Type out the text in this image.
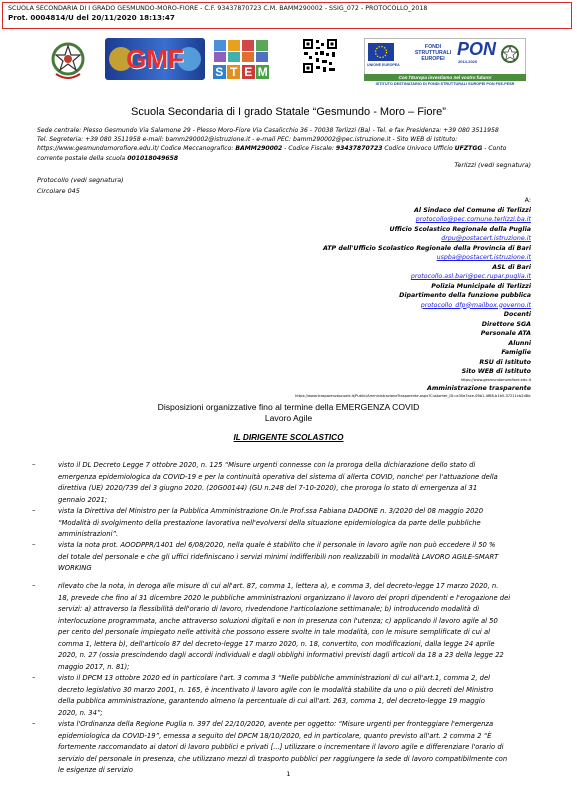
SCUOLA SECONDARIA DI I GRADO GESMUNDO-MORO-FIORE - C.F. 93437870723 C.M. BAMM290002 - SSIG_072 - PROTOCOLLO_2018
Prot. 0004814/U del 20/11/2020 18:13:47
GMF	S T E M	UNIONE EUROPEA
FONDI STRUTTURALI EUROPEI
PON
2014-2020
Con l'Europa investiamo nel vostro futuro!
ISTITUTO DESTINATARIO DI FONDI STRUTTURALI EUROPEI PON FSE-FESR
Scuola Secondaria di I grado Statale “Gesmundo - Moro – Fiore”
Sede centrale: Plesso Gesmundo Via Salamone 29 - Plesso Moro-Fiore Via Casalicchio 36 - 70038 Terlizzi (Ba) - Tel. e fax Presidenza: +39 080 3511958
Tel. Segreteria: +39 080 3511958 e-mail: bamm290002@istruzione.it - e-mail PEC: bamm290002@pec.istruzione.it - Sito WEB di Istituto:
https://www.gesmundomorofiore.edu.it/ Codice Meccanografico: BAMM290002 - Codice Fiscale: 93437870723 Codice Univoco Ufficio UFZTGG - Conto
corrente postale della scuola 001018049658
Terlizzi (vedi segnatura)
Protocollo (vedi segnatura)
Circolare 045
A:
Al Sindaco del Comune di Terlizzi
protocollo@pec.comune.terlizzi.ba.it
Ufficio Scolastico Regionale della Puglia
drpu@postacert.istruzione.it
ATP dell'Ufficio Scolastico Regionale della Provincia di Bari
uspba@postacert.istruzione.it
ASL di Bari
protocollo.asl.bari@pec.rupar.puglia.it
Polizia Municipale di Terlizzi
Dipartimento della funzione pubblica
protocollo_dfp@mailbox.governo.it
Docenti
Direttore SGA
Personale ATA
Alunni
Famiglie
RSU di Istituto
Sito WEB di Istituto
https://www.gesmundomorofiore.edu.it
Amministrazione trasparente
https://www.trasparenzascuole.it/Public/AmministrazioneTrasparente.aspx?Customer_ID=a30a7ace-06b1-4f68-b1b5-37211cb2d8ic
Disposizioni organizzative fino al termine della EMERGENZA COVID
Lavoro Agile
IL DIRIGENTE SCOLASTICO
–	visto il DL Decreto Legge 7 ottobre 2020, n. 125 “Misure urgenti connesse con la proroga della dichiarazione dello stato di
emergenza epidemiologica da COVID-19 e per la continuità operativa del sistema di allerta COVID, nonche' per l'attuazione della
direttiva (UE) 2020/739 del 3 giugno 2020. (20G00144) (GU n.248 del 7-10-2020), che proroga lo stato di emergenza al 31
gennaio 2021;
–	vista la Direttiva del Ministro per la Pubblica Amministrazione On.le Prof.ssa Fabiana DADONE n. 3/2020 del 08 maggio 2020
“Modalità di svolgimento della prestazione lavorativa nell'evolversi della situazione epidemiologica da parte delle pubbliche
amministrazioni”.
–	vista la nota prot. AOODPPR/1401 del 6/08/2020, nella quale è stabilito che il personale in lavoro agile non può eccedere il 50 %
del totale del personale e che gli uffici ridefiniscano i servizi minimi indifferibili non realizzabili in modalità LAVORO AGILE-SMART
WORKING
–	rilevato che la nota, in deroga alle misure di cui all'art. 87, comma 1, lettera a), e comma 3, del decreto-legge 17 marzo 2020, n.
18, prevede che fino al 31 dicembre 2020 le pubbliche amministrazioni organizzano il lavoro dei propri dipendenti e l'erogazione dei
servizi: a) attraverso la flessibilità dell'orario di lavoro, rivedendone l'articolazione settimanale; b) introducendo modalità di
interlocuzione programmata, anche attraverso soluzioni digitali e non in presenza con l'utenza; c) applicando il lavoro agile al 50
per cento del personale impiegato nelle attività che possono essere svolte in tale modalità, con le misure semplificate di cui al
comma 1, lettera b), dell'articolo 87 del decreto-legge 17 marzo 2020, n. 18, convertito, con modificazioni, dalla legge 24 aprile
2020, n. 27 (ossia prescindendo dagli accordi individuali e dagli obblighi informativi previsti dagli articoli da 18 a 23 della legge 22
maggio 2017, n. 81);
–	visto il DPCM 13 ottobre 2020 ed in particolare l'art. 3 comma 3 “Nelle pubbliche amministrazioni di cui all'art.1, comma 2, del
decreto legislativo 30 marzo 2001, n. 165, è incentivato il lavoro agile con le modalità stabilite da uno o più decreti del Ministro
della pubblica amministrazione, garantendo almeno la percentuale di cui all'art. 263, comma 1, del decreto-legge 19 maggio
2020, n. 34”;
–	vista l'Ordinanza della Regione Puglia n. 397 del 22/10/2020, avente per oggetto: “Misure urgenti per fronteggiare l'emergenza
epidemiologica da COVID-19”, emessa a seguito del DPCM 18/10/2020, ed in particolare, quanto previsto all'art. 2 comma 2 “È
fortemente raccomandato ai datori di lavoro pubblici e privati [...] utilizzare o incrementare il lavoro agile e differenziare l'orario di
servizio del personale in presenza, che utilizzano mezzi di trasporto pubblici per raggiungere la sede di lavoro compatibilmente con
le esigenze di servizio	1
